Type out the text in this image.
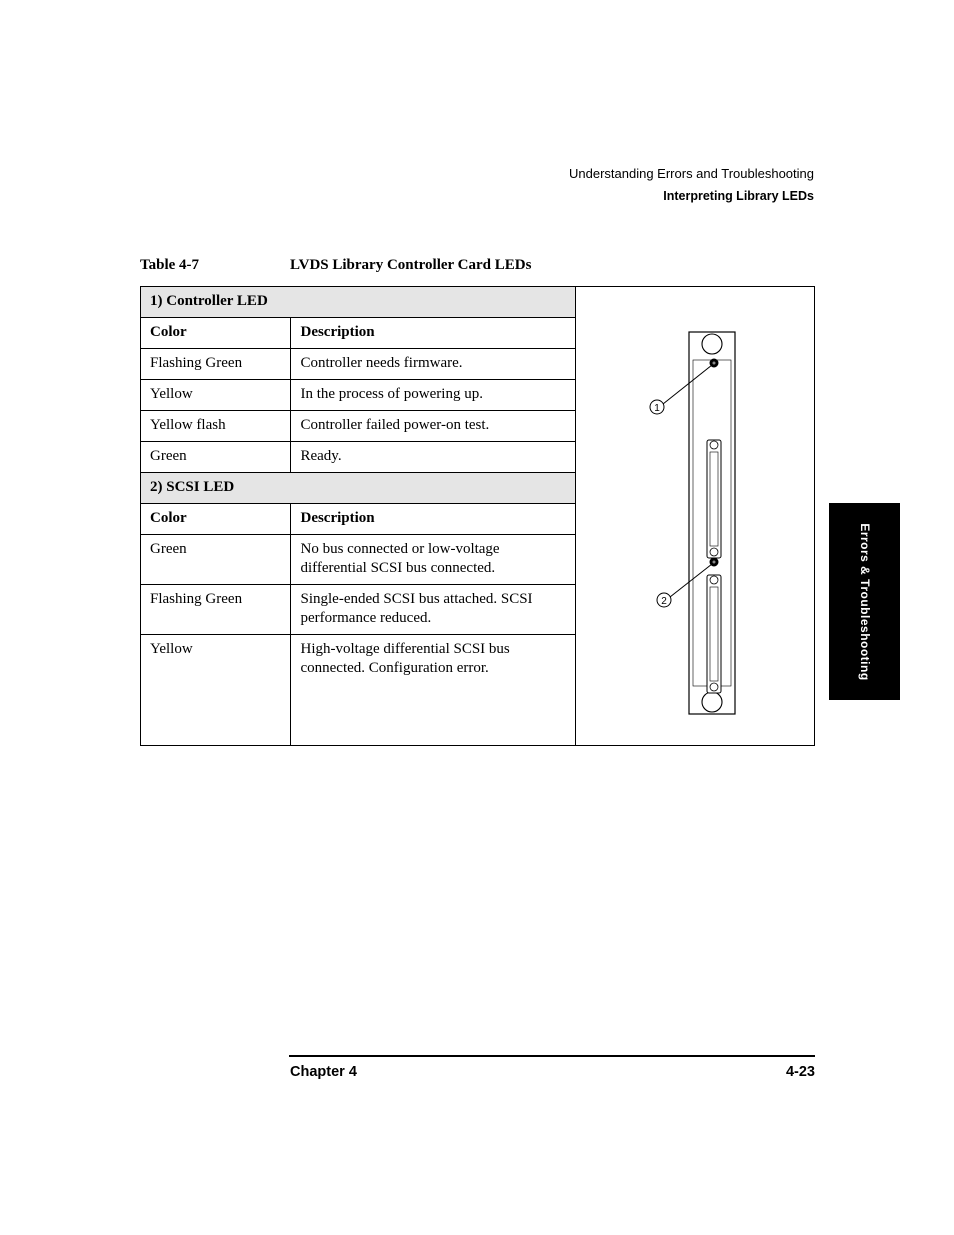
Understanding Errors and Troubleshooting
Interpreting Library LEDs
Table 4-7	LVDS Library Controller Card LEDs
1) Controller LED		1
2

Color	Description	
Flashing Green	Controller needs firmware.	
Yellow	In the process of powering up.	
Yellow flash	Controller failed power-on test.	
Green	Ready.	
2) SCSI LED		
Color	Description	
Green	No bus connected or low-voltage differential SCSI bus connected.	
Flashing Green	Single-ended SCSI bus attached. SCSI performance reduced.	
Yellow	High-voltage differential SCSI bus connected. Configuration error.		Errors & Troubleshooting
Chapter 4	4-23
